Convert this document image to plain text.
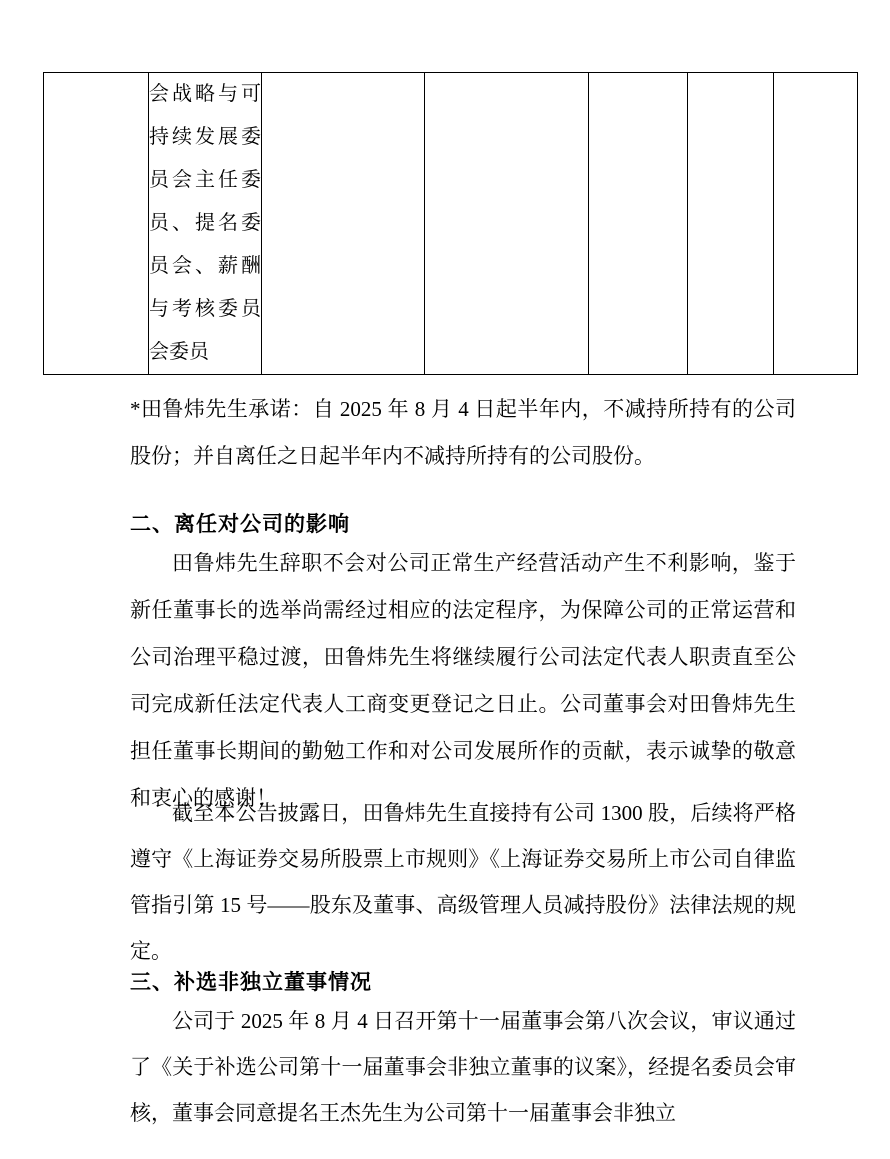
	会战略与可持续发展委员会主任委员、提名委员会、薪酬与考核委员会委员					

*田鲁炜先生承诺：自 2025 年 8 月 4 日起半年内，不减持所持有的公司股份；并自离任之日起半年内不减持所持有的公司股份。

二、离任对公司的影响

田鲁炜先生辞职不会对公司正常生产经营活动产生不利影响，鉴于新任董事长的选举尚需经过相应的法定程序，为保障公司的正常运营和公司治理平稳过渡，田鲁炜先生将继续履行公司法定代表人职责直至公司完成新任法定代表人工商变更登记之日止。公司董事会对田鲁炜先生担任董事长期间的勤勉工作和对公司发展所作的贡献，表示诚挚的敬意和衷心的感谢！

截至本公告披露日，田鲁炜先生直接持有公司 1300 股，后续将严格遵守《上海证券交易所股票上市规则》《上海证券交易所上市公司自律监管指引第 15 号——股东及董事、高级管理人员减持股份》法律法规的规定。

三、补选非独立董事情况

公司于 2025 年 8 月 4 日召开第十一届董事会第八次会议，审议通过了《关于补选公司第十一届董事会非独立董事的议案》，经提名委员会审核，董事会同意提名王杰先生为公司第十一届董事会非独立
